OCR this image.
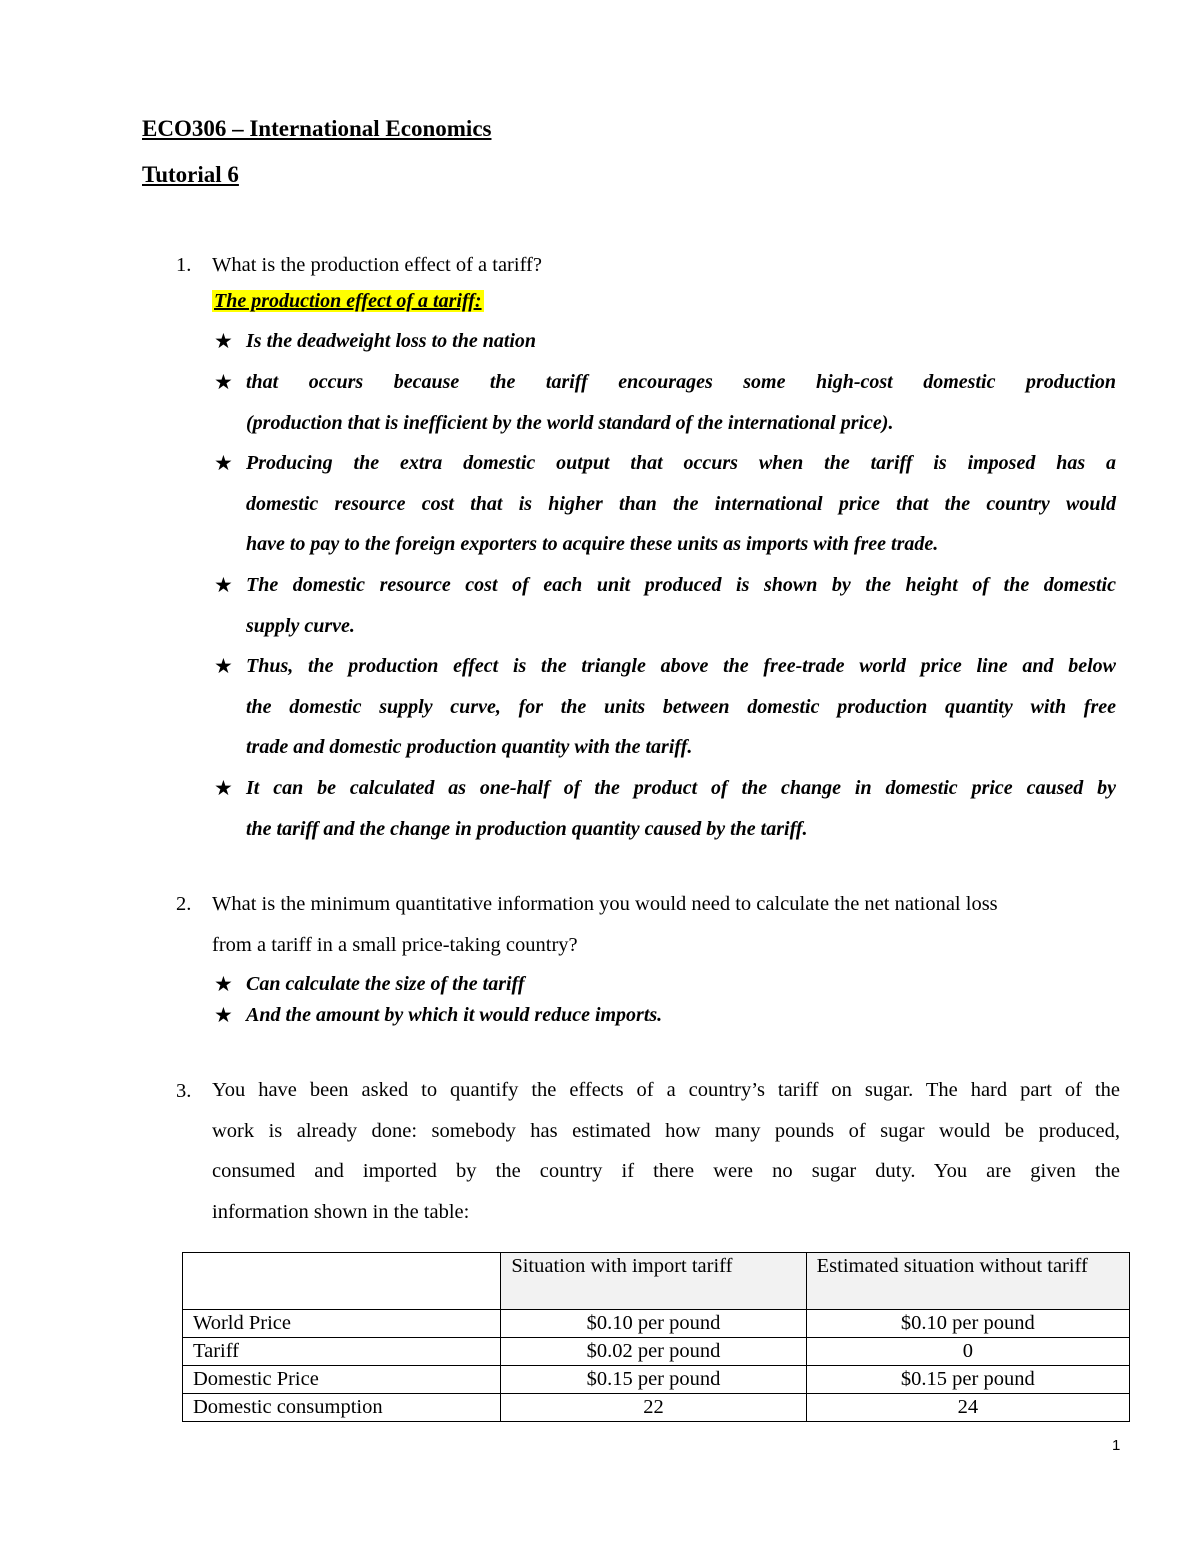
ECO306 – International Economics
Tutorial 6
1. What is the production effect of a tariff?
The production effect of a tariff:
★ Is the deadweight loss to the nation
★ that occurs because the tariff encourages some high-cost domestic production
(production that is inefficient by the world standard of the international price).
★ Producing the extra domestic output that occurs when the tariff is imposed has a
domestic resource cost that is higher than the international price that the country would
have to pay to the foreign exporters to acquire these units as imports with free trade.
★ The domestic resource cost of each unit produced is shown by the height of the domestic
supply curve.
★ Thus, the production effect is the triangle above the free-trade world price line and below
the domestic supply curve, for the units between domestic production quantity with free
trade and domestic production quantity with the tariff.
★ It can be calculated as one-half of the product of the change in domestic price caused by
the tariff and the change in production quantity caused by the tariff.
2. What is the minimum quantitative information you would need to calculate the net national loss
from a tariff in a small price-taking country?
★ Can calculate the size of the tariff
★ And the amount by which it would reduce imports.
3. You have been asked to quantify the effects of a country’s tariff on sugar. The hard part of the
work is already done: somebody has estimated how many pounds of sugar would be produced,
consumed and imported by the country if there were no sugar duty. You are given the
information shown in the table:
	Situation with import tariff	Estimated situation without tariff
World Price	$0.10 per pound	$0.10 per pound
Tariff	$0.02 per pound	0
Domestic Price	$0.15 per pound	$0.15 per pound
Domestic consumption	22	24
1
